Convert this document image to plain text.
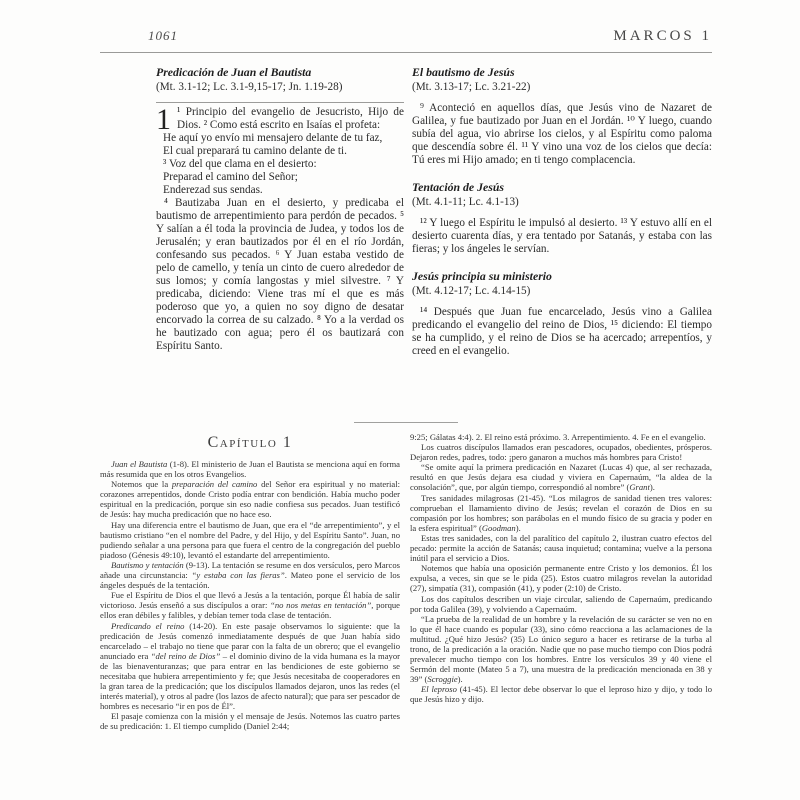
1061	MARCOS 1
Predicación de Juan el Bautista
(Mt. 3.1-12; Lc. 3.1-9,15-17; Jn. 1.19-28)
1 ¹ Principio del evangelio de Jesucristo, Hijo de Dios. ² Como está escrito en Isaías el profeta:
He aquí yo envío mi mensajero delante de tu faz,
El cual preparará tu camino delante de ti.
³ Voz del que clama en el desierto:
Preparad el camino del Señor;
Enderezad sus sendas.

⁴ Bautizaba Juan en el desierto, y predicaba el bautismo de arrepentimiento para perdón de pecados. ⁵ Y salían a él toda la provincia de Judea, y todos los de Jerusalén; y eran bautizados por él en el río Jordán, confesando sus pecados. ⁶ Y Juan estaba vestido de pelo de camello, y tenía un cinto de cuero alrededor de sus lomos; y comía langostas y miel silvestre. ⁷ Y predicaba, diciendo: Viene tras mí el que es más poderoso que yo, a quien no soy digno de desatar encorvado la correa de su calzado. ⁸ Yo a la verdad os he bautizado con agua; pero él os bautizará con Espíritu Santo.

El bautismo de Jesús
(Mt. 3.13-17; Lc. 3.21-22)

⁹ Aconteció en aquellos días, que Jesús vino de Nazaret de Galilea, y fue bautizado por Juan en el Jordán. ¹⁰ Y luego, cuando subía del agua, vio abrirse los cielos, y al Espíritu como paloma que descendía sobre él. ¹¹ Y vino una voz de los cielos que decía: Tú eres mi Hijo amado; en ti tengo complacencia.

Tentación de Jesús
(Mt. 4.1-11; Lc. 4.1-13)

¹² Y luego el Espíritu le impulsó al desierto. ¹³ Y estuvo allí en el desierto cuarenta días, y era tentado por Satanás, y estaba con las fieras; y los ángeles le servían.

Jesús principia su ministerio
(Mt. 4.12-17; Lc. 4.14-15)

¹⁴ Después que Juan fue encarcelado, Jesús vino a Galilea predicando el evangelio del reino de Dios, ¹⁵ diciendo: El tiempo se ha cumplido, y el reino de Dios se ha acercado; arrepentíos, y creed en el evangelio.

Capítulo 1

Juan el Bautista (1-8). El ministerio de Juan el Bautista se menciona aquí en forma más resumida que en los otros Evangelios.

Notemos que la preparación del camino del Señor era espiritual y no material: corazones arrepentidos, donde Cristo podía entrar con bendición. Había mucho poder espiritual en la predicación, porque sin eso nadie confiesa sus pecados. Juan testificó de Jesús: hay mucha predicación que no hace eso.

Hay una diferencia entre el bautismo de Juan, que era el “de arrepentimiento”, y el bautismo cristiano “en el nombre del Padre, y del Hijo, y del Espíritu Santo”. Juan, no pudiendo señalar a una persona para que fuera el centro de la congregación del pueblo piadoso (Génesis 49:10), levantó el estandarte del arrepentimiento.

Bautismo y tentación (9-13). La tentación se resume en dos versículos, pero Marcos añade una circunstancia: “y estaba con las fieras”. Mateo pone el servicio de los ángeles después de la tentación.

Fue el Espíritu de Dios el que llevó a Jesús a la tentación, porque Él había de salir victorioso. Jesús enseñó a sus discípulos a orar: “no nos metas en tentación”, porque ellos eran débiles y falibles, y debían temer toda clase de tentación.

Predicando el reino (14-20). En este pasaje observamos lo siguiente: que la predicación de Jesús comenzó inmediatamente después de que Juan había sido encarcelado – el trabajo no tiene que parar con la falta de un obrero; que el evangelio anunciado era “del reino de Dios” – el dominio divino de la vida humana es la mayor de las bienaventuranzas; que para entrar en las bendiciones de este gobierno se necesitaba que hubiera arrepentimiento y fe; que Jesús necesitaba de cooperadores en la gran tarea de la predicación; que los discípulos llamados dejaron, unos las redes (el interés material), y otros al padre (los lazos de afecto natural); que para ser pescador de hombres es necesario “ir en pos de Él”.

El pasaje comienza con la misión y el mensaje de Jesús. Notemos las cuatro partes de su predicación: 1. El tiempo cumplido (Daniel 2:44;

9:25; Gálatas 4:4). 2. El reino está próximo. 3. Arrepentimiento. 4. Fe en el evangelio.

Los cuatros discípulos llamados eran pescadores, ocupados, obedientes, prósperos. Dejaron redes, padres, todo: ¡pero ganaron a muchos más hombres para Cristo!

“Se omite aquí la primera predicación en Nazaret (Lucas 4) que, al ser rechazada, resultó en que Jesús dejara esa ciudad y viviera en Capernaúm, “la aldea de la consolación”, que, por algún tiempo, correspondió al nombre” (Grant).

Tres sanidades milagrosas (21-45). “Los milagros de sanidad tienen tres valores: comprueban el llamamiento divino de Jesús; revelan el corazón de Dios en su compasión por los hombres; son parábolas en el mundo físico de su gracia y poder en la esfera espiritual” (Goodman).

Estas tres sanidades, con la del paralítico del capítulo 2, ilustran cuatro efectos del pecado: permite la acción de Satanás; causa inquietud; contamina; vuelve a la persona inútil para el servicio a Dios.

Notemos que había una oposición permanente entre Cristo y los demonios. Él los expulsa, a veces, sin que se le pida (25). Estos cuatro milagros revelan la autoridad (27), simpatía (31), compasión (41), y poder (2:10) de Cristo.

Los dos capítulos describen un viaje circular, saliendo de Capernaúm, predicando por toda Galilea (39), y volviendo a Capernaúm.

“La prueba de la realidad de un hombre y la revelación de su carácter se ven no en lo que él hace cuando es popular (33), sino cómo reacciona a las aclamaciones de la multitud. ¿Qué hizo Jesús? (35) Lo único seguro a hacer es retirarse de la turba al trono, de la predicación a la oración. Nadie que no pase mucho tiempo con Dios podrá prevalecer mucho tiempo con los hombres. Entre los versículos 39 y 40 viene el Sermón del monte (Mateo 5 a 7), una muestra de la predicación mencionada en 38 y 39” (Scroggie).

El leproso (41-45). El lector debe observar lo que el leproso hizo y dijo, y todo lo que Jesús hizo y dijo.
